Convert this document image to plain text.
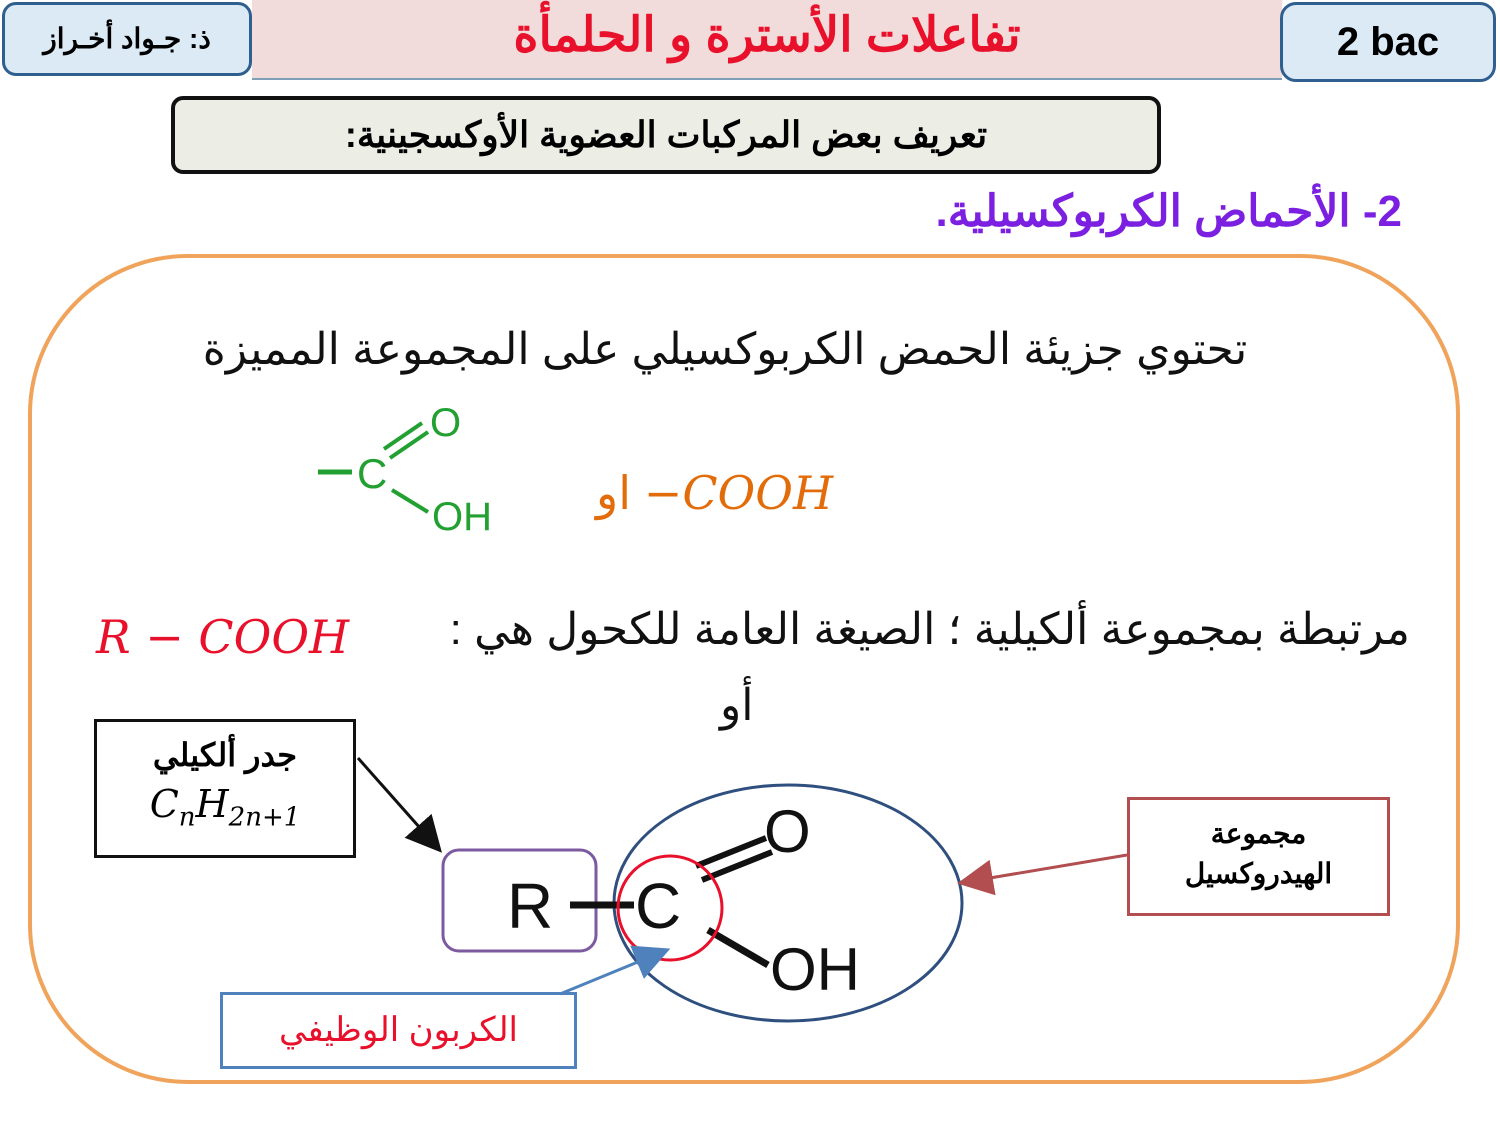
تفاعلات الأسترة و الحلمأة
ذ: جـواد أخـراز	2 bac
تعريف بعض المركبات العضوية الأوكسجينية:
2- الأحماض الكربوكسيلية.
تحتوي جزيئة الحمض الكربوكسيلي على المجموعة المميزة
او −COOH
مرتبطة بمجموعة ألكيلية ؛ الصيغة العامة للكحول هي :
R − COOH
أو
جدر ألكيلي
$C_nH_{2n+1}$
مجموعة
الهيدروكسيل
الكربون الوظيفي
C
O
OH
R C
O
OH
